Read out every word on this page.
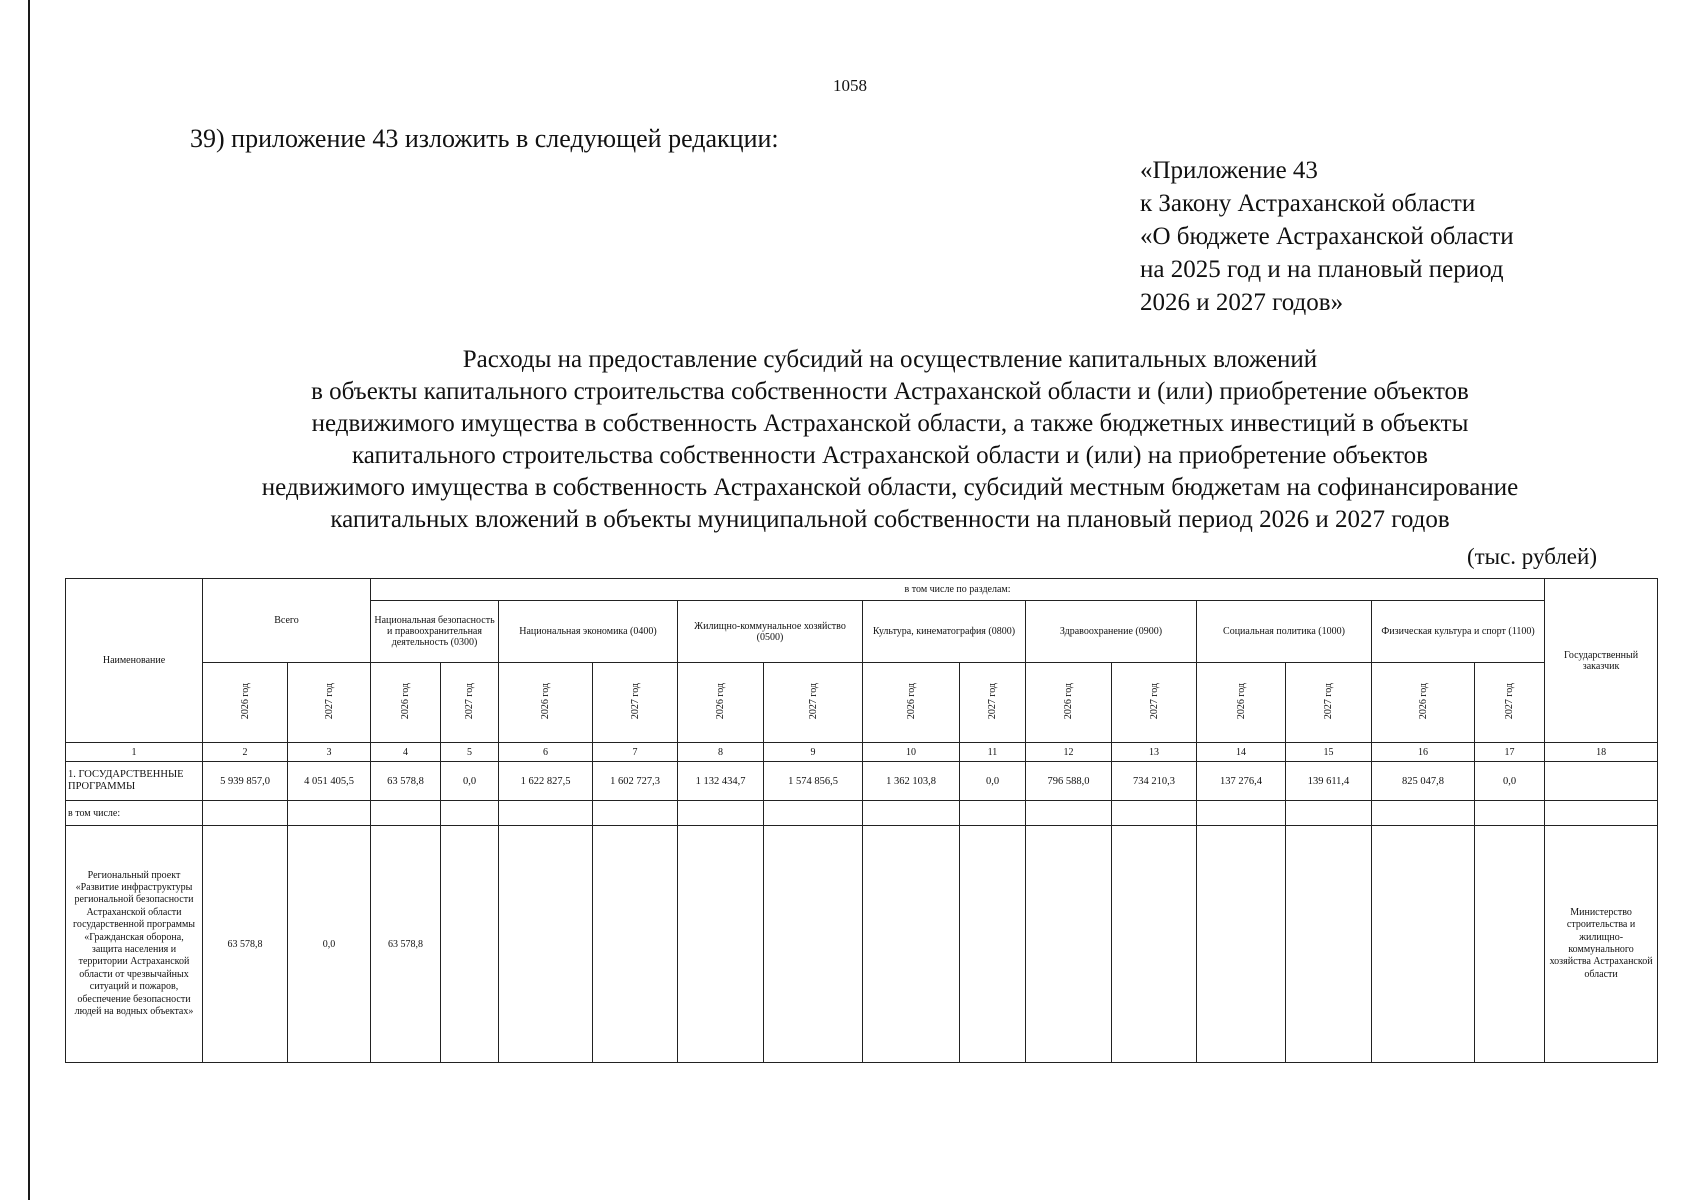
1058
39) приложение 43 изложить в следующей редакции:
«Приложение 43
к Закону Астраханской области
«О бюджете Астраханской области
на 2025 год и на плановый период
2026 и 2027 годов»
Расходы на предоставление субсидий на осуществление капитальных вложений
в объекты капитального строительства собственности Астраханской области и (или) приобретение объектов
недвижимого имущества в собственность Астраханской области, а также бюджетных инвестиций в объекты
капитального строительства собственности Астраханской области и (или) на приобретение объектов
недвижимого имущества в собственность Астраханской области, субсидий местным бюджетам на софинансирование
капитальных вложений в объекты муниципальной собственности на плановый период 2026 и 2027 годов
(тыс. рублей)
Наименование	Всего		в том числе по разделам:														Государственный заказчик
			Национальная безопасность и правоохранительная деятельность (0300)		Национальная экономика (0400)		Жилищно-коммунальное хозяйство (0500)		Культура, кинематография (0800)		Здравоохранение (0900)		Социальная политика (1000)		Физическая культура и спорт (1100)		
	2026 год	2027 год	2026 год	2027 год	2026 год	2027 год	2026 год	2027 год	2026 год	2027 год	2026 год	2027 год	2026 год	2027 год	2026 год	2027 год	
1	2	3	4	5	6	7	8	9	10	11	12	13	14	15	16	17	18
1. ГОСУДАРСТВЕННЫЕ ПРОГРАММЫ	5 939 857,0	4 051 405,5	63 578,8	0,0	1 622 827,5	1 602 727,3	1 132 434,7	1 574 856,5	1 362 103,8	0,0	796 588,0	734 210,3	137 276,4	139 611,4	825 047,8	0,0	
в том числе:																	
Региональный проект «Развитие инфраструктуры региональной безопасности Астраханской области государственной программы «Гражданская оборона, защита населения и территории Астраханской области от чрезвычайных ситуаций и пожаров, обеспечение безопасности людей на водных объектах»	63 578,8	0,0	63 578,8														Министерство строительства и жилищно-коммунального хозяйства Астраханской области
